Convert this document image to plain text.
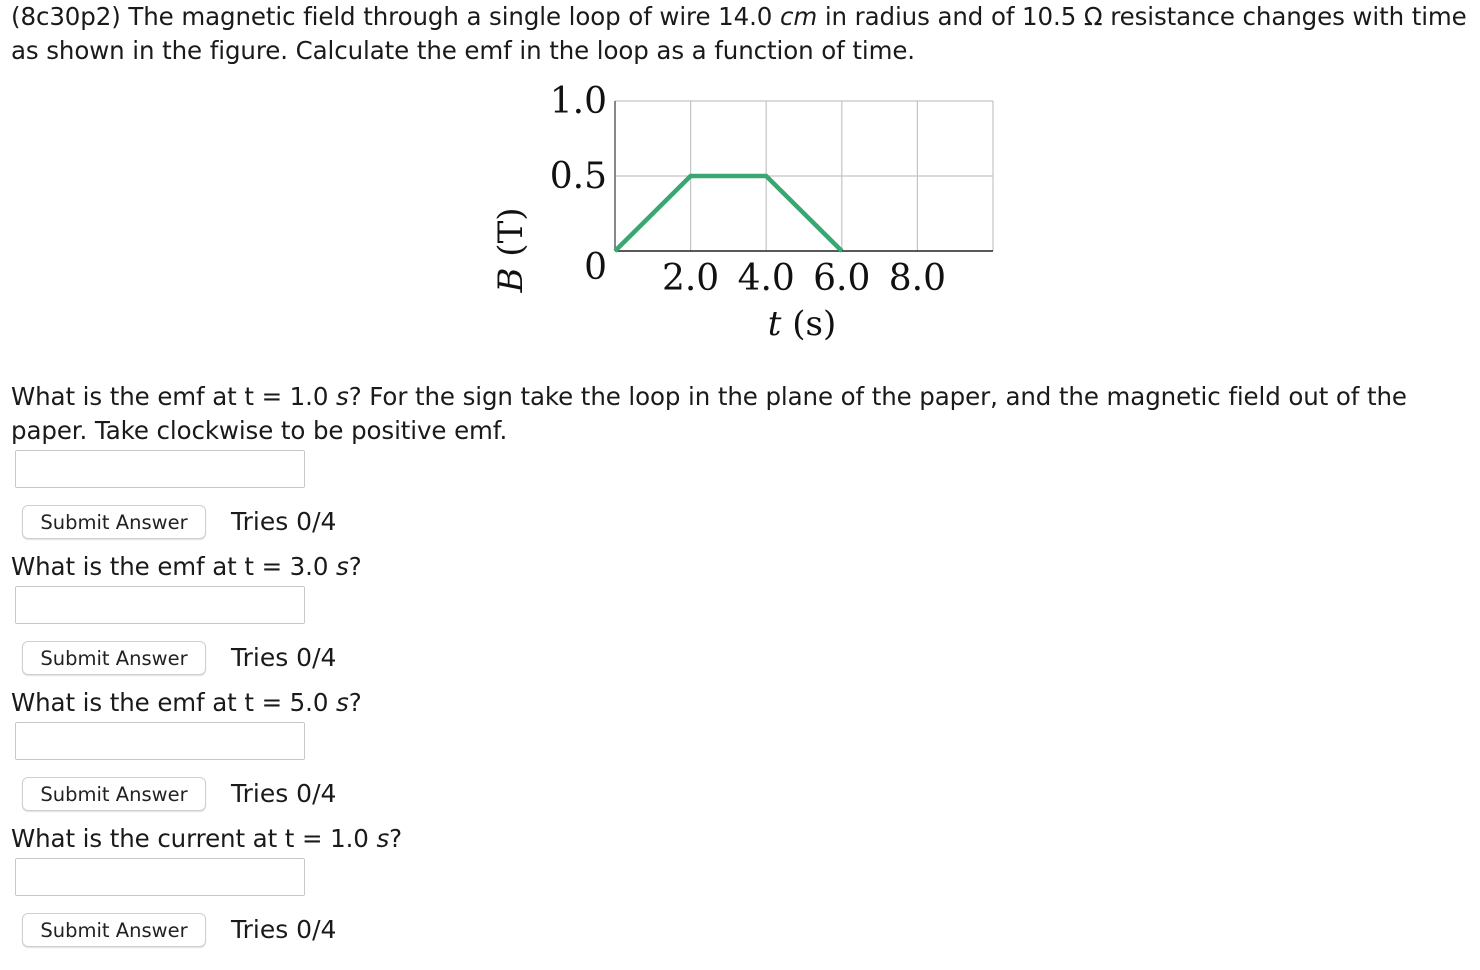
(8c30p2) The magnetic field through a single loop of wire 14.0 cm in radius and of 10.5 Ω resistance changes with time as shown in the figure. Calculate the emf in the loop as a function of time.
2.0 4.0 6.0 8.0
1.0
0.5
0
B (T)
t (s)
What is the emf at t = 1.0 s? For the sign take the loop in the plane of the paper, and the magnetic field out of the paper. Take clockwise to be positive emf.
Submit Answer	Tries 0/4
What is the emf at t = 3.0 s?
Submit Answer	Tries 0/4
What is the emf at t = 5.0 s?
Submit Answer	Tries 0/4
What is the current at t = 1.0 s?
Submit Answer	Tries 0/4
